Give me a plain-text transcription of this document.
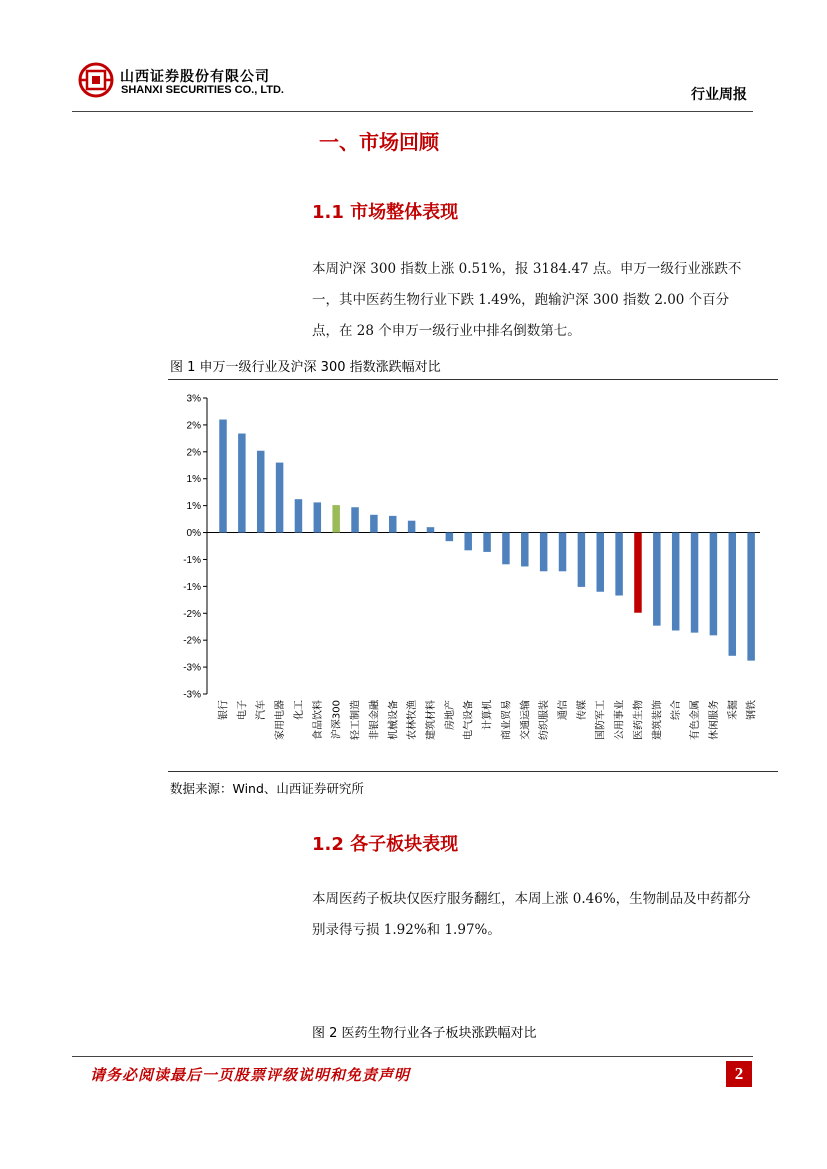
山西证券股份有限公司
SHANXI SECURITIES CO., LTD.	行业周报
一、市场回顾
1.1 市场整体表现
本周沪深 300 指数上涨 0.51%，报 3184.47 点。申万一级行业涨跌不一，其中医药生物行业下跌 1.49%，跑输沪深 300 指数 2.00 个百分点，在 28 个申万一级行业中排名倒数第七。
图 1 申万一级行业及沪深 300 指数涨跌幅对比
3%
2%
2%
1%
1%
0%
-1%
-1%
-2%
-2%
-3%
-3%
银行 电子 汽车 家用电器 化工 食品饮料 沪深300 轻工制造 非银金融 机械设备 农林牧渔 建筑材料 房地产 电气设备 计算机 商业贸易 交通运输 纺织服装 通信 传媒 国防军工 公用事业 医药生物 建筑装饰 综合 有色金属 休闲服务 采掘 钢铁
数据来源：Wind、山西证券研究所
1.2 各子板块表现
本周医药子板块仅医疗服务翻红，本周上涨 0.46%，生物制品及中药都分别录得亏损 1.92%和 1.97%。
图 2 医药生物行业各子板块涨跌幅对比
请务必阅读最后一页股票评级说明和免责声明	2
